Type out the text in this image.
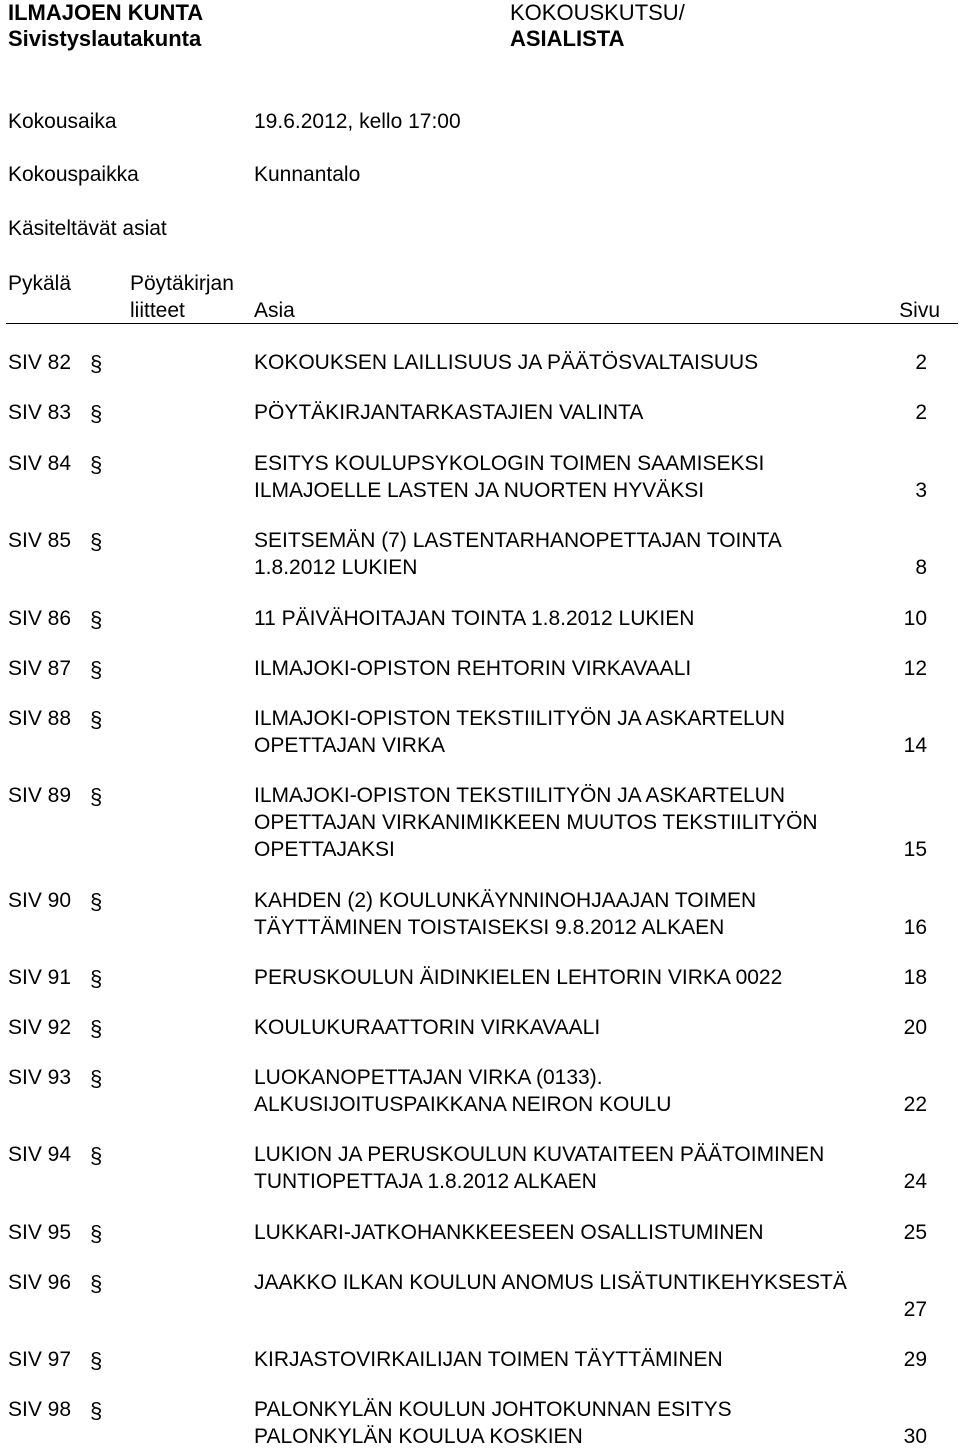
ILMAJOEN KUNTA
Sivistyslautakunta
KOKOUSKUTSU/
ASIALISTA
Kokousaika	19.6.2012, kello 17:00
Kokouspaikka	Kunnantalo
Käsiteltävät asiat
Pykälä	Pöytäkirjan
liitteet	Asia	Sivu
SIV 82 §	KOKOUKSEN LAILLISUUS JA PÄÄTÖSVALTAISUUS	2
SIV 83 §	PÖYTÄKIRJANTARKASTAJIEN VALINTA	2
SIV 84 §	ESITYS KOULUPSYKOLOGIN TOIMEN SAAMISEKSI
ILMAJOELLE LASTEN JA NUORTEN HYVÄKSI	3
SIV 85 §	SEITSEMÄN (7) LASTENTARHANOPETTAJAN TOINTA
1.8.2012 LUKIEN	8
SIV 86 §	11 PÄIVÄHOITAJAN TOINTA 1.8.2012 LUKIEN	10
SIV 87 §	ILMAJOKI-OPISTON REHTORIN VIRKAVAALI	12
SIV 88 §	ILMAJOKI-OPISTON TEKSTIILITYÖN JA ASKARTELUN
OPETTAJAN VIRKA	14
SIV 89 §	ILMAJOKI-OPISTON TEKSTIILITYÖN JA ASKARTELUN
OPETTAJAN VIRKANIMIKKEEN MUUTOS TEKSTIILITYÖN
OPETTAJAKSI	15
SIV 90 §	KAHDEN (2) KOULUNKÄYNNINOHJAAJAN TOIMEN
TÄYTTÄMINEN TOISTAISEKSI 9.8.2012 ALKAEN	16
SIV 91 §	PERUSKOULUN ÄIDINKIELEN LEHTORIN VIRKA 0022	18
SIV 92 §	KOULUKURAATTORIN VIRKAVAALI	20
SIV 93 §	LUOKANOPETTAJAN VIRKA (0133).
ALKUSIJOITUSPAIKKANA NEIRON KOULU	22
SIV 94 §	LUKION JA PERUSKOULUN KUVATAITEEN PÄÄTOIMINEN
TUNTIOPETTAJA 1.8.2012 ALKAEN	24
SIV 95 §	LUKKARI-JATKOHANKKEESEEN OSALLISTUMINEN	25
SIV 96 §	JAAKKO ILKAN KOULUN ANOMUS LISÄTUNTIKEHYKSESTÄ
27
SIV 97 §	KIRJASTOVIRKAILIJAN TOIMEN TÄYTTÄMINEN	29
SIV 98 §	PALONKYLÄN KOULUN JOHTOKUNNAN ESITYS
PALONKYLÄN KOULUA KOSKIEN	30
